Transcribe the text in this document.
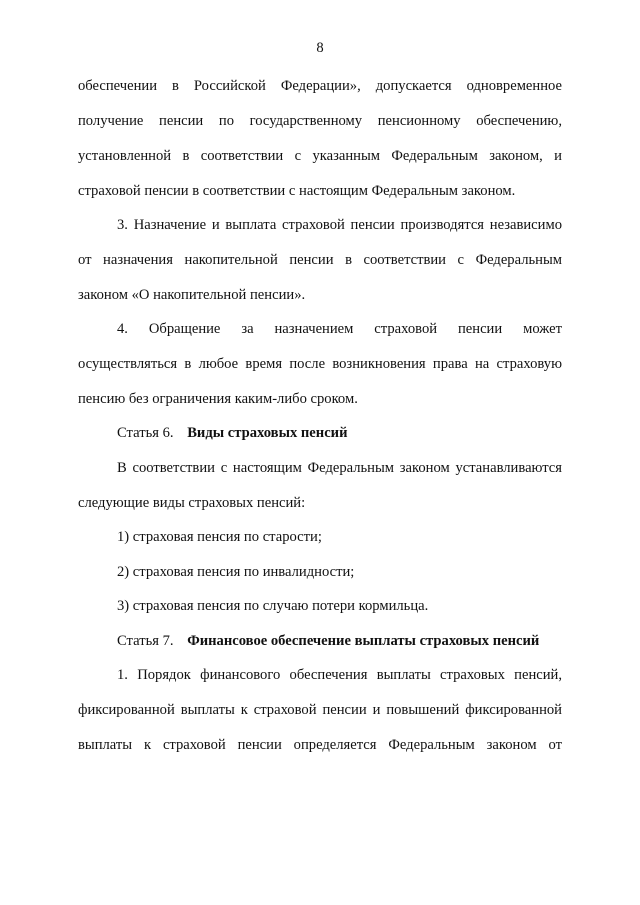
8
обеспечении в Российской Федерации», допускается одновременное
получение пенсии по государственному пенсионному обеспечению,
установленной в соответствии с указанным Федеральным законом, и
страховой пенсии в соответствии с настоящим Федеральным законом.
3. Назначение и выплата страховой пенсии производятся независимо
от назначения накопительной пенсии в соответствии с Федеральным
законом «О накопительной пенсии».
4. Обращение за назначением страховой пенсии может
осуществляться в любое время после возникновения права на страховую
пенсию без ограничения каким-либо сроком.
Статья 6. Виды страховых пенсий
В соответствии с настоящим Федеральным законом устанавливаются
следующие виды страховых пенсий:
1) страховая пенсия по старости;
2) страховая пенсия по инвалидности;
3) страховая пенсия по случаю потери кормильца.
Статья 7. Финансовое обеспечение выплаты страховых пенсий
1. Порядок финансового обеспечения выплаты страховых пенсий,
фиксированной выплаты к страховой пенсии и повышений фиксированной
выплаты к страховой пенсии определяется Федеральным законом от
